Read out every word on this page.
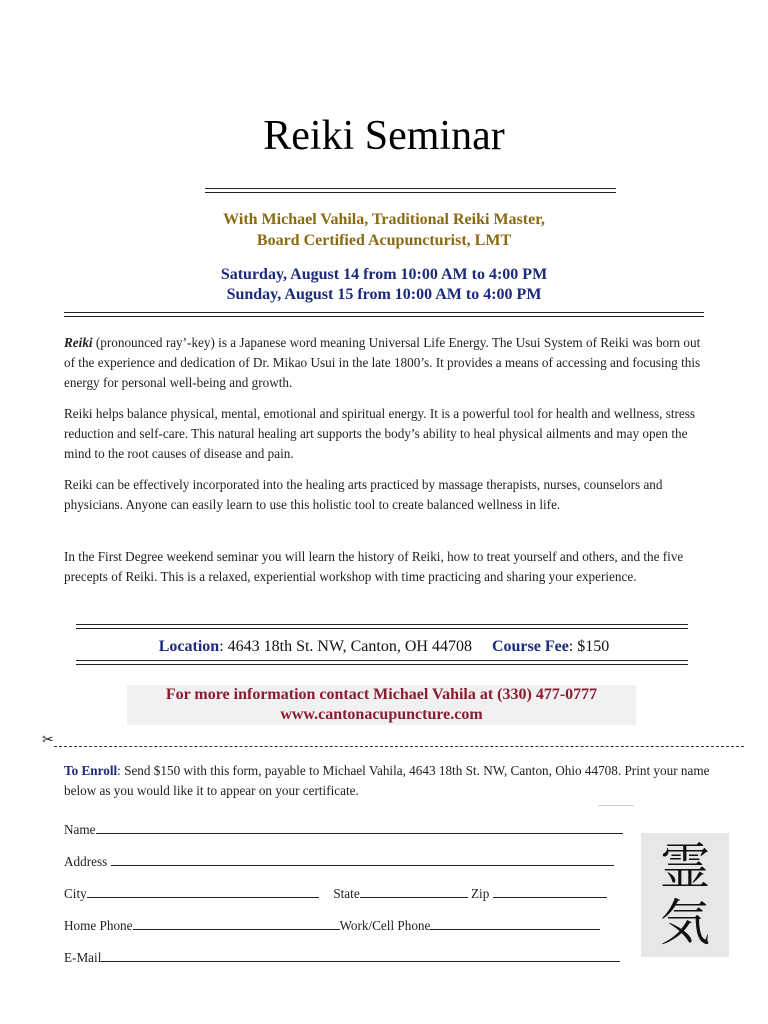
Reiki Seminar
With Michael Vahila, Traditional Reiki Master,
Board Certified Acupuncturist, LMT
Saturday, August 14 from 10:00 AM to 4:00 PM
Sunday, August 15 from 10:00 AM to 4:00 PM
Reiki (pronounced ray’-key) is a Japanese word meaning Universal Life Energy. The Usui System of Reiki was born out of the experience and dedication of Dr. Mikao Usui in the late 1800’s. It provides a means of accessing and focusing this energy for personal well-being and growth.
Reiki helps balance physical, mental, emotional and spiritual energy. It is a powerful tool for health and wellness, stress reduction and self-care. This natural healing art supports the body’s ability to heal physical ailments and may open the mind to the root causes of disease and pain.
Reiki can be effectively incorporated into the healing arts practiced by massage therapists, nurses, counselors and physicians. Anyone can easily learn to use this holistic tool to create balanced wellness in life.
In the First Degree weekend seminar you will learn the history of Reiki, how to treat yourself and others, and the five precepts of Reiki. This is a relaxed, experiential workshop with time practicing and sharing your experience.
Location: 4643 18th St. NW, Canton, OH 44708 Course Fee: $150
For more information contact Michael Vahila at (330) 477-0777
www.cantonacupuncture.com
✂
To Enroll: Send $150 with this form, payable to Michael Vahila, 4643 18th St. NW, Canton, Ohio 44708. Print your name below as you would like it to appear on your certificate.
Name
Address
City	State	Zip
Home Phone	Work/Cell Phone
E-Mail
霊
気
